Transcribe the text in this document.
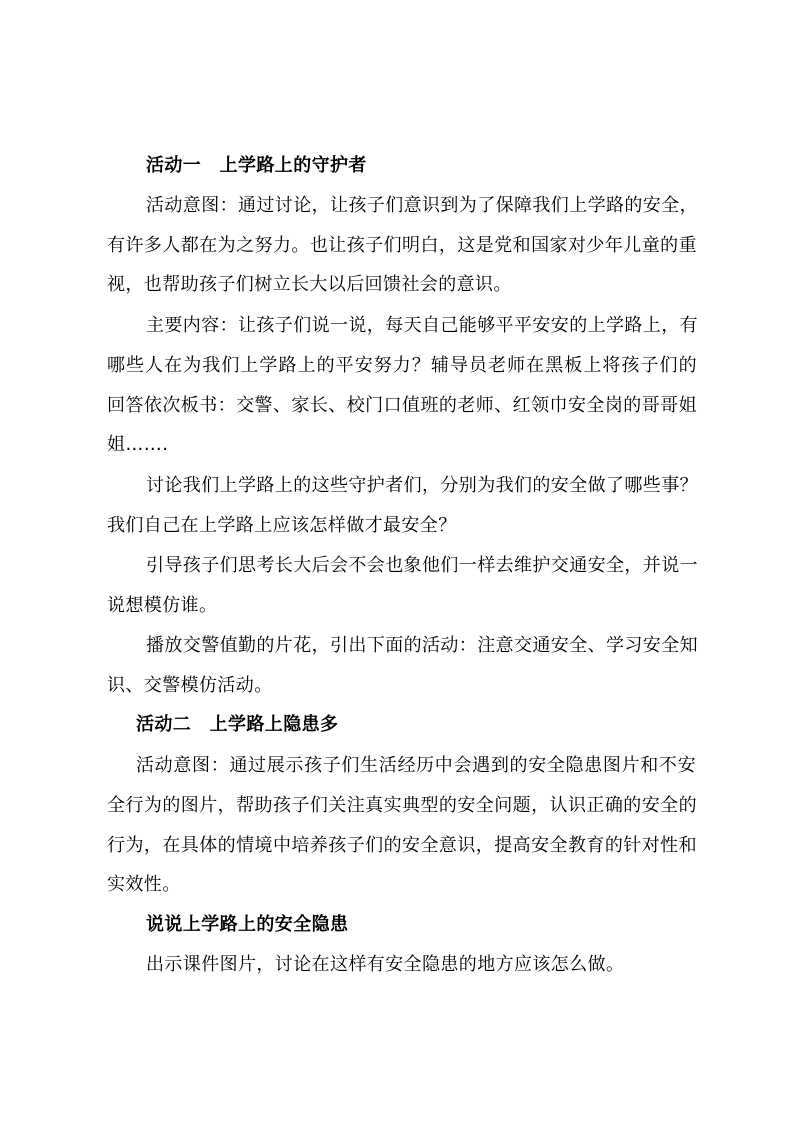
活动一　上学路上的守护者
活动意图：通过讨论，让孩子们意识到为了保障我们上学路的安全，
有许多人都在为之努力。也让孩子们明白，这是党和国家对少年儿童的重
视，也帮助孩子们树立长大以后回馈社会的意识。
主要内容：让孩子们说一说，每天自己能够平平安安的上学路上，有
哪些人在为我们上学路上的平安努力？辅导员老师在黑板上将孩子们的
回答依次板书：交警、家长、校门口值班的老师、红领巾安全岗的哥哥姐
姐…….
讨论我们上学路上的这些守护者们，分别为我们的安全做了哪些事？
我们自己在上学路上应该怎样做才最安全？
引导孩子们思考长大后会不会也象他们一样去维护交通安全，并说一
说想模仿谁。
播放交警值勤的片花，引出下面的活动：注意交通安全、学习安全知
识、交警模仿活动。
活动二　上学路上隐患多
活动意图：通过展示孩子们生活经历中会遇到的安全隐患图片和不安
全行为的图片，帮助孩子们关注真实典型的安全问题，认识正确的安全的
行为，在具体的情境中培养孩子们的安全意识，提高安全教育的针对性和
实效性。
说说上学路上的安全隐患
出示课件图片，讨论在这样有安全隐患的地方应该怎么做。
